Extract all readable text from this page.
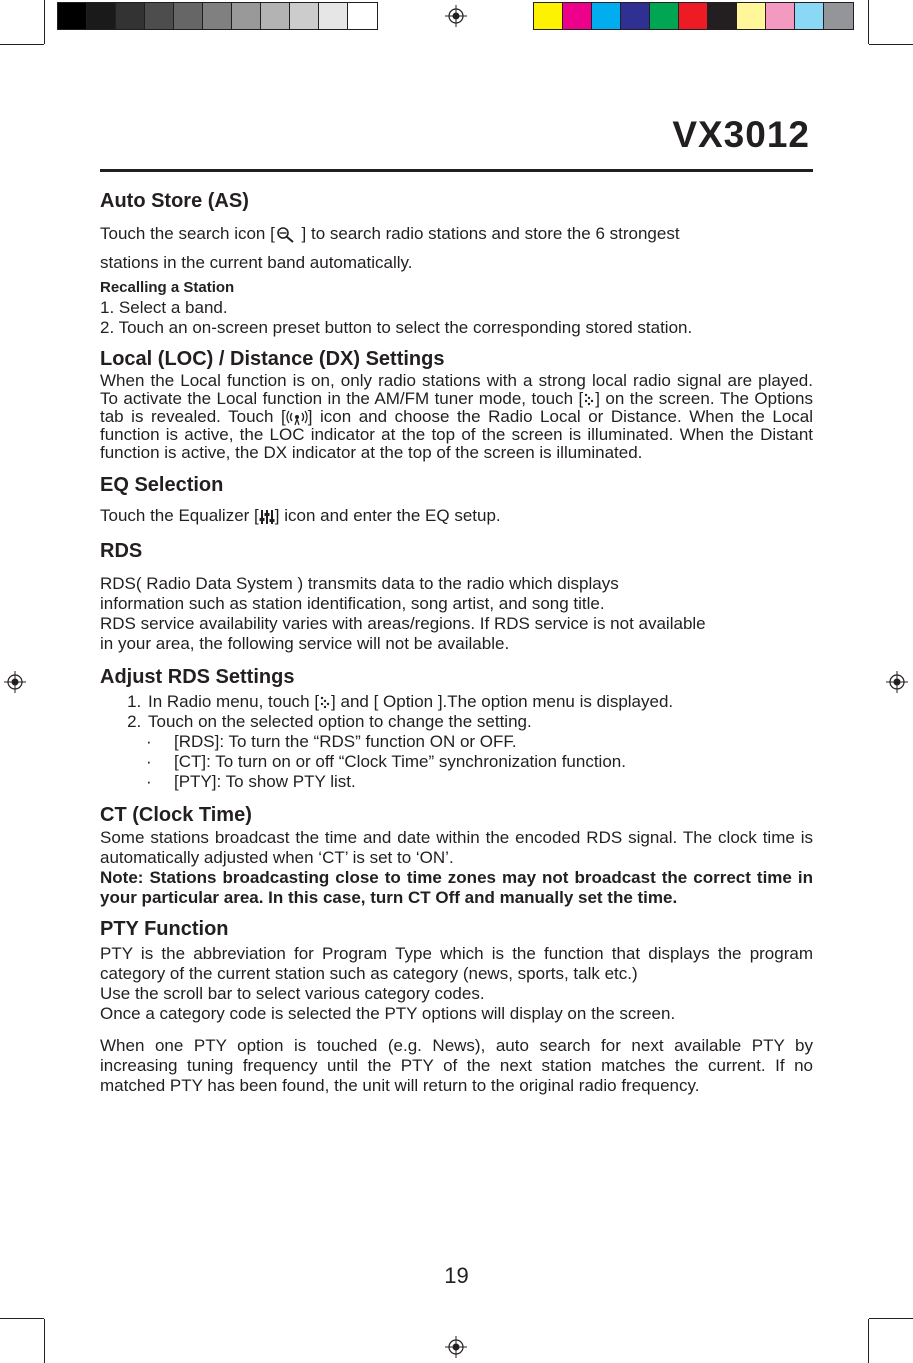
VX3012
Auto Store (AS)

Touch the search icon [ ] to search radio stations and store the 6 strongest

stations in the current band automatically.

Recalling a Station

1. Select a band.

2. Touch an on-screen preset button to select the corresponding stored station.

Local (LOC) / Distance (DX) Settings

When the Local function is on, only radio stations with a strong local radio signal are played. To activate the Local function in the AM/FM tuner mode, touch [ ] on the screen. The Options tab is revealed. Touch [ ] icon and choose the Radio Local or Distance. When the Local function is active, the LOC indicator at the top of the screen is illuminated. When the Distant function is active, the DX indicator at the top of the screen is illuminated.

EQ Selection

Touch the Equalizer [ ] icon and enter the EQ setup.

RDS

RDS( Radio Data System ) transmits data to the radio which displays

information such as station identification, song artist, and song title.

RDS service availability varies with areas/regions. If RDS service is not available

in your area, the following service will not be available.

Adjust RDS Settings
1. In Radio menu, touch [ ] and [ Option ].The option menu is displayed.
2. Touch on the selected option to change the setting.
· [RDS]: To turn the “RDS” function ON or OFF.
· [CT]: To turn on or off “Clock Time” synchronization function.
· [PTY]: To show PTY list.
CT (Clock Time)

Some stations broadcast the time and date within the encoded RDS signal. The clock time is automatically adjusted when ‘CT’ is set to ‘ON’.

Note: Stations broadcasting close to time zones may not broadcast the correct time in your particular area. In this case, turn CT Off and manually set the time.

PTY Function

PTY is the abbreviation for Program Type which is the function that displays the program category of the current station such as category (news, sports, talk etc.)

Use the scroll bar to select various category codes.

Once a category code is selected the PTY options will display on the screen.

When one PTY option is touched (e.g. News), auto search for next available PTY by increasing tuning frequency until the PTY of the next station matches the current. If no matched PTY has been found, the unit will return to the original radio frequency.

19
